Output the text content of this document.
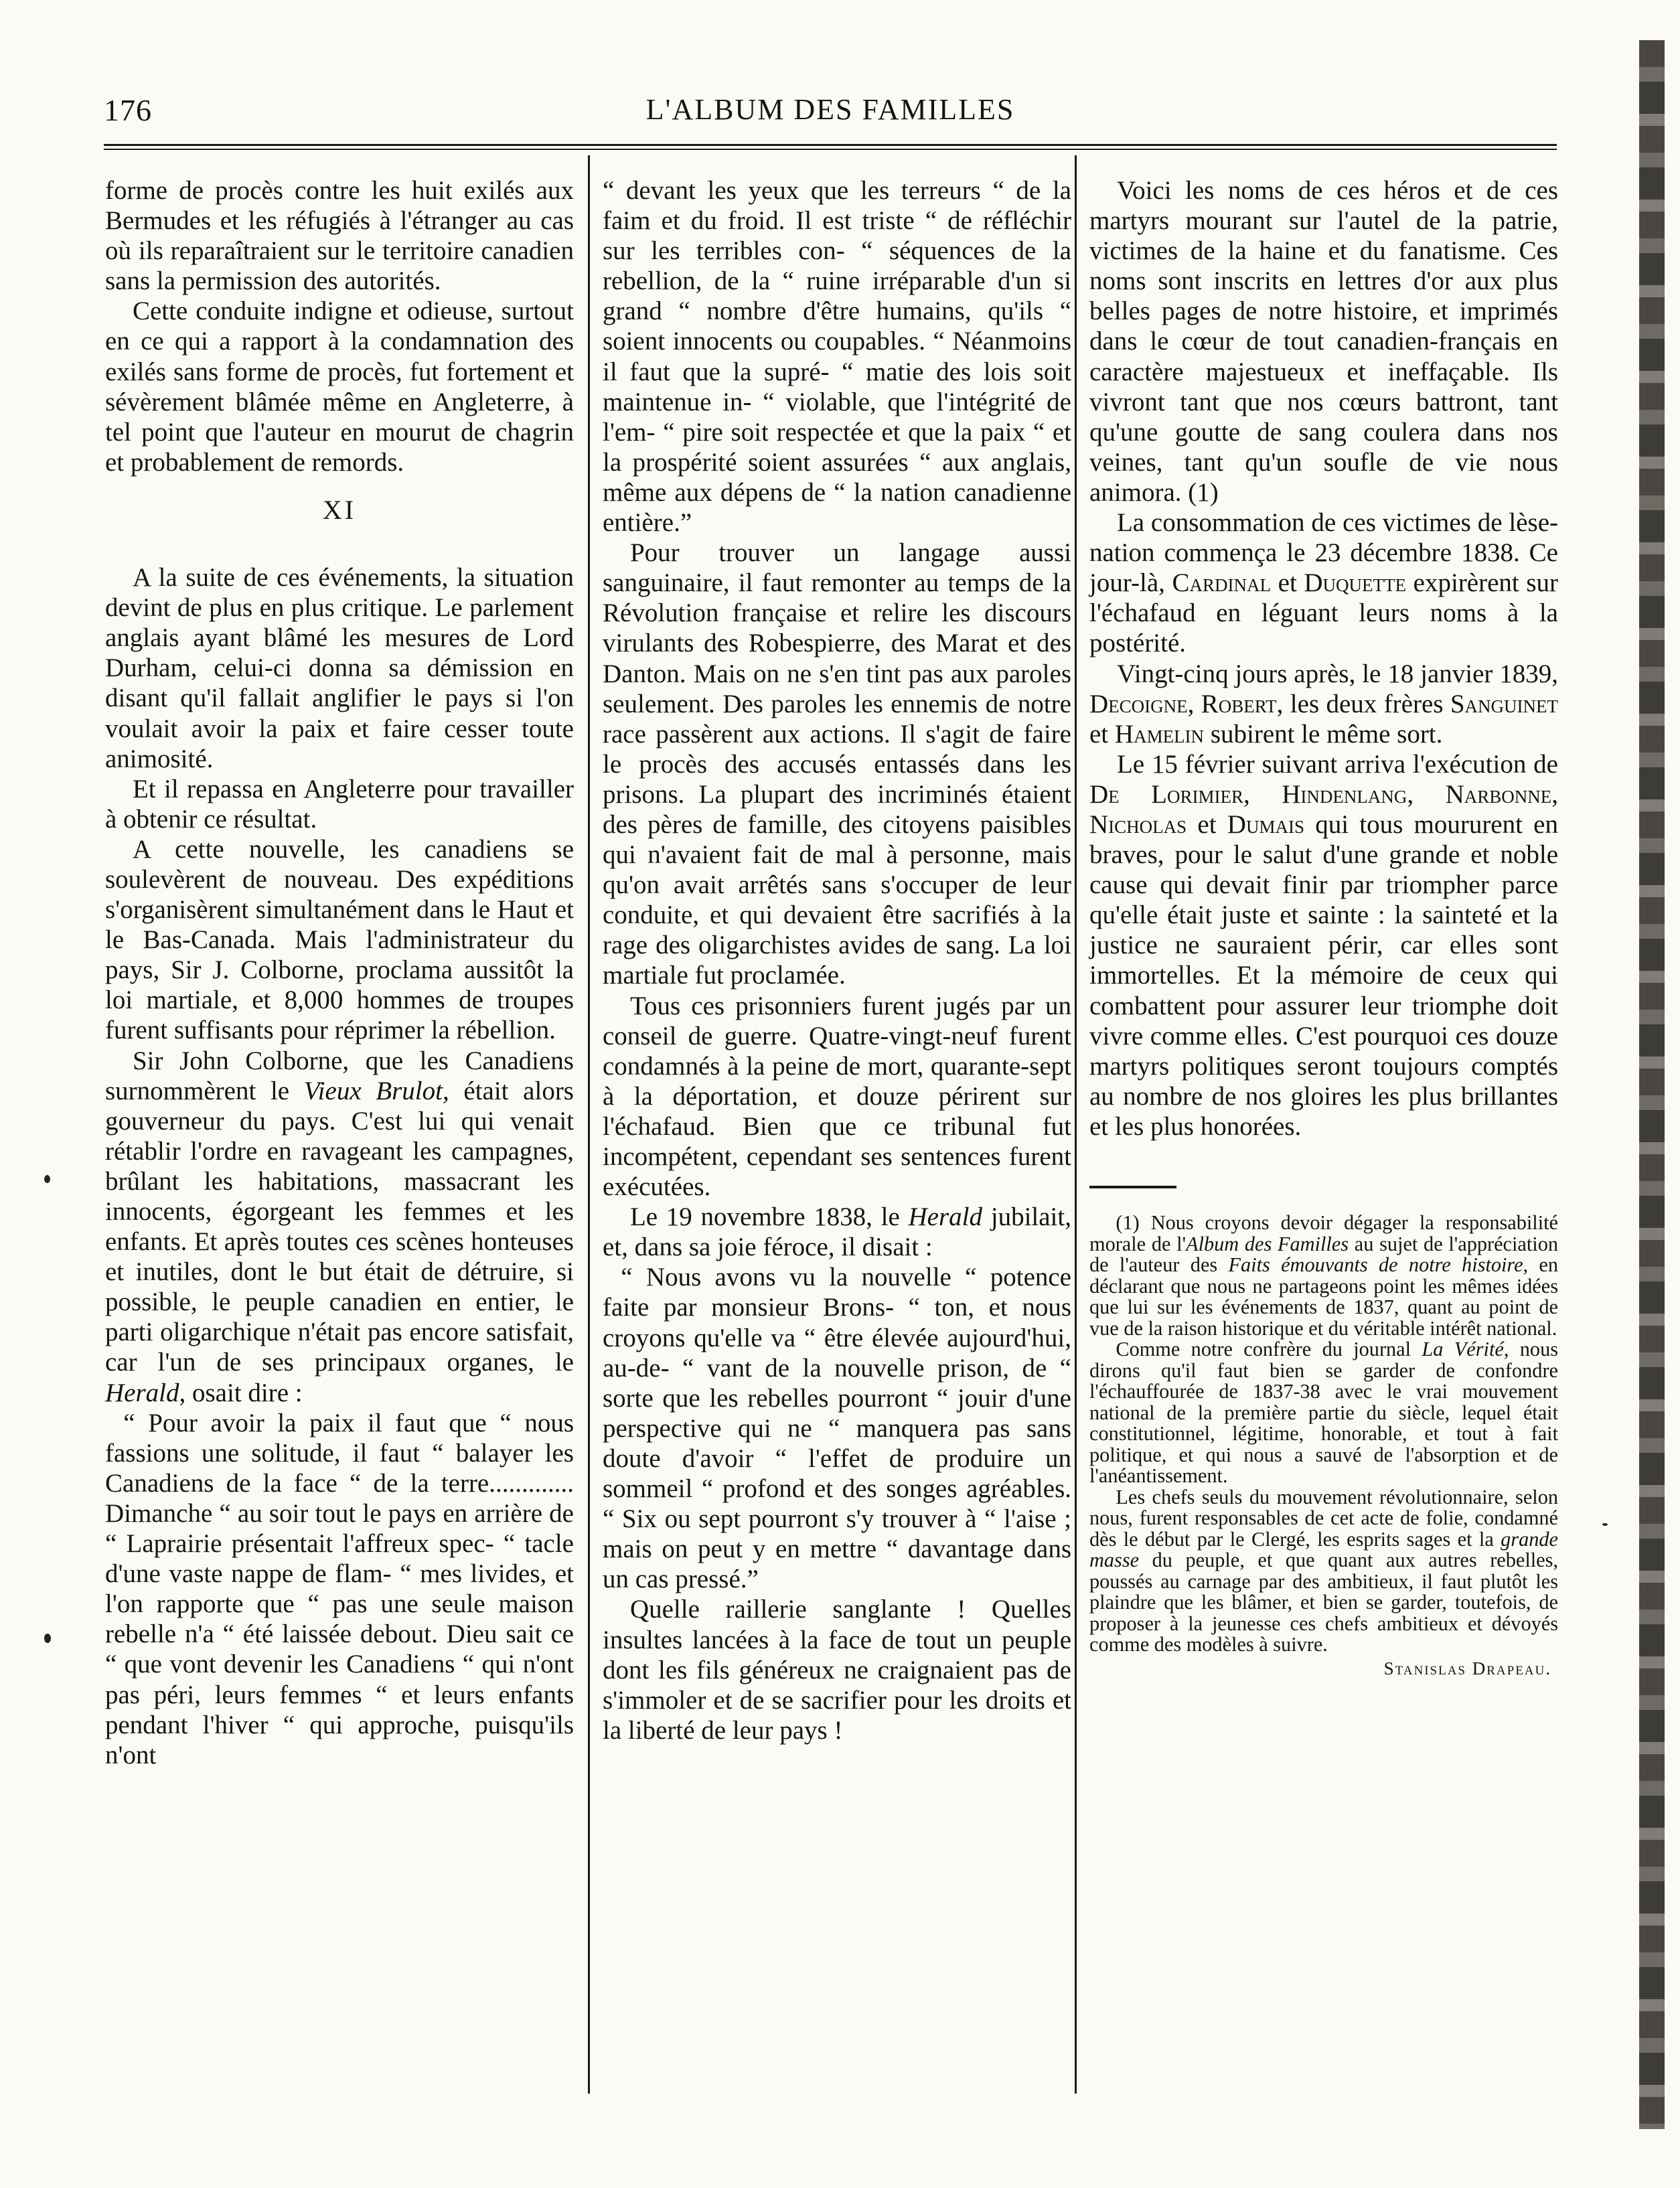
176	L'ALBUM DES FAMILLES

forme de procès contre les huit exilés aux Bermudes et les réfugiés à l'étranger au cas où ils reparaîtraient sur le territoire canadien sans la permission des autorités.

Cette conduite indigne et odieuse, surtout en ce qui a rapport à la condamnation des exilés sans forme de procès, fut fortement et sévèrement blâmée même en Angleterre, à tel point que l'auteur en mourut de chagrin et probablement de remords.

XI

A la suite de ces événements, la situation devint de plus en plus critique. Le parlement anglais ayant blâmé les mesures de Lord Durham, celui-ci donna sa démission en disant qu'il fallait anglifier le pays si l'on voulait avoir la paix et faire cesser toute animosité.

Et il repassa en Angleterre pour travailler à obtenir ce résultat.

A cette nouvelle, les canadiens se soulevèrent de nouveau. Des expéditions s'organisèrent simultanément dans le Haut et le Bas-Canada. Mais l'administrateur du pays, Sir J. Colborne, proclama aussitôt la loi martiale, et 8,000 hommes de troupes furent suffisants pour réprimer la rébellion.

Sir John Colborne, que les Canadiens surnommèrent le Vieux Brulot, était alors gouverneur du pays. C'est lui qui venait rétablir l'ordre en ravageant les campagnes, brûlant les habitations, massacrant les innocents, égorgeant les femmes et les enfants. Et après toutes ces scènes honteuses et inutiles, dont le but était de détruire, si possible, le peuple canadien en entier, le parti oligarchique n'était pas encore satisfait, car l'un de ses principaux organes, le Herald, osait dire :

“ Pour avoir la paix il faut que “ nous fassions une solitude, il faut “ balayer les Canadiens de la face “ de la terre............. Dimanche “ au soir tout le pays en arrière de “ Laprairie présentait l'affreux spec- “ tacle d'une vaste nappe de flam- “ mes livides, et l'on rapporte que “ pas une seule maison rebelle n'a “ été laissée debout. Dieu sait ce “ que vont devenir les Canadiens “ qui n'ont pas péri, leurs femmes “ et leurs enfants pendant l'hiver “ qui approche, puisqu'ils n'ont

“ devant les yeux que les terreurs “ de la faim et du froid. Il est triste “ de réfléchir sur les terribles con- “ séquences de la rebellion, de la “ ruine irréparable d'un si grand “ nombre d'être humains, qu'ils “ soient innocents ou coupables. “ Néanmoins il faut que la supré- “ matie des lois soit maintenue in- “ violable, que l'intégrité de l'em- “ pire soit respectée et que la paix “ et la prospérité soient assurées “ aux anglais, même aux dépens de “ la nation canadienne entière.”

Pour trouver un langage aussi sanguinaire, il faut remonter au temps de la Révolution française et relire les discours virulants des Robespierre, des Marat et des Danton. Mais on ne s'en tint pas aux paroles seulement. Des paroles les ennemis de notre race passèrent aux actions. Il s'agit de faire le procès des accusés entassés dans les prisons. La plupart des incriminés étaient des pères de famille, des citoyens paisibles qui n'avaient fait de mal à personne, mais qu'on avait arrêtés sans s'occuper de leur conduite, et qui devaient être sacrifiés à la rage des oligarchistes avides de sang. La loi martiale fut proclamée.

Tous ces prisonniers furent jugés par un conseil de guerre. Quatre-vingt-neuf furent condamnés à la peine de mort, quarante-sept à la déportation, et douze périrent sur l'échafaud. Bien que ce tribunal fut incompétent, cependant ses sentences furent exécutées.

Le 19 novembre 1838, le Herald jubilait, et, dans sa joie féroce, il disait :

“ Nous avons vu la nouvelle “ potence faite par monsieur Brons- “ ton, et nous croyons qu'elle va “ être élevée aujourd'hui, au-de- “ vant de la nouvelle prison, de “ sorte que les rebelles pourront “ jouir d'une perspective qui ne “ manquera pas sans doute d'avoir “ l'effet de produire un sommeil “ profond et des songes agréables. “ Six ou sept pourront s'y trouver à “ l'aise ; mais on peut y en mettre “ davantage dans un cas pressé.”

Quelle raillerie sanglante ! Quelles insultes lancées à la face de tout un peuple dont les fils généreux ne craignaient pas de s'immoler et de se sacrifier pour les droits et la liberté de leur pays !

Voici les noms de ces héros et de ces martyrs mourant sur l'autel de la patrie, victimes de la haine et du fanatisme. Ces noms sont inscrits en lettres d'or aux plus belles pages de notre histoire, et imprimés dans le cœur de tout canadien-français en caractère majestueux et ineffaçable. Ils vivront tant que nos cœurs battront, tant qu'une goutte de sang coulera dans nos veines, tant qu'un soufle de vie nous animora. (1)

La consommation de ces victimes de lèse-nation commença le 23 décembre 1838. Ce jour-là, Cardinal et Duquette expirèrent sur l'échafaud en léguant leurs noms à la postérité.

Vingt-cinq jours après, le 18 janvier 1839, Decoigne, Robert, les deux frères Sanguinet et Hamelin subirent le même sort.

Le 15 février suivant arriva l'exécution de De Lorimier, Hindenlang, Narbonne, Nicholas et Dumais qui tous moururent en braves, pour le salut d'une grande et noble cause qui devait finir par triompher parce qu'elle était juste et sainte : la sainteté et la justice ne sauraient périr, car elles sont immortelles. Et la mémoire de ceux qui combattent pour assurer leur triomphe doit vivre comme elles. C'est pourquoi ces douze martyrs politiques seront toujours comptés au nombre de nos gloires les plus brillantes et les plus honorées.

(1) Nous croyons devoir dégager la responsabilité morale de l'Album des Familles au sujet de l'appréciation de l'auteur des Faits émouvants de notre histoire, en déclarant que nous ne partageons point les mêmes idées que lui sur les événements de 1837, quant au point de vue de la raison historique et du véritable intérêt national.

Comme notre confrère du journal La Vérité, nous dirons qu'il faut bien se garder de confondre l'échauffourée de 1837-38 avec le vrai mouvement national de la première partie du siècle, lequel était constitutionnel, légitime, honorable, et tout à fait politique, et qui nous a sauvé de l'absorption et de l'anéantissement.

Les chefs seuls du mouvement révolutionnaire, selon nous, furent responsables de cet acte de folie, condamné dès le début par le Clergé, les esprits sages et la grande masse du peuple, et que quant aux autres rebelles, poussés au carnage par des ambitieux, il faut plutôt les plaindre que les blâmer, et bien se garder, toutefois, de proposer à la jeunesse ces chefs ambitieux et dévoyés comme des modèles à suivre.

Stanislas Drapeau.
